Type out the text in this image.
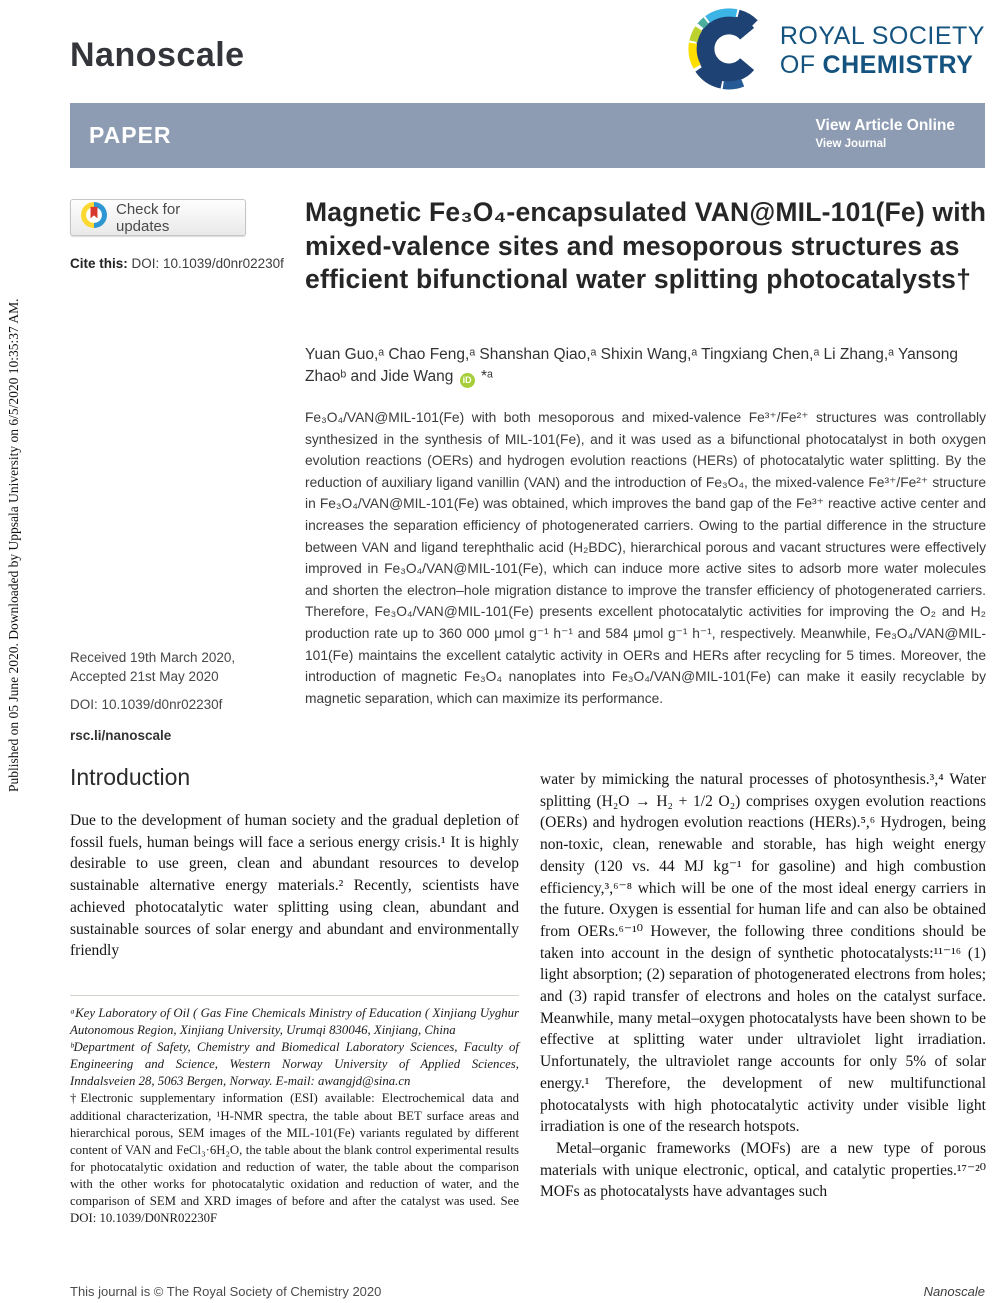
Published on 05 June 2020. Downloaded by Uppsala University on 6/5/2020 10:35:37 AM.
Nanoscale
ROYAL SOCIETY
OF CHEMISTRY
PAPER	View Article Online
View Journal
Check for updates
Cite this: DOI: 10.1039/d0nr02230f
Received 19th March 2020,
Accepted 21st May 2020
DOI: 10.1039/d0nr02230f
rsc.li/nanoscale
Magnetic Fe₃O₄-encapsulated VAN@MIL-101(Fe) with mixed-valence sites and mesoporous structures as efficient bifunctional water splitting photocatalysts†
Yuan Guo,ᵃ Chao Feng,ᵃ Shanshan Qiao,ᵃ Shixin Wang,ᵃ Tingxiang Chen,ᵃ Li Zhang,ᵃ Yansong Zhaoᵇ and Jide Wang iD *ᵃ
Fe₃O₄/VAN@MIL-101(Fe) with both mesoporous and mixed-valence Fe³⁺/Fe²⁺ structures was controllably synthesized in the synthesis of MIL-101(Fe), and it was used as a bifunctional photocatalyst in both oxygen evolution reactions (OERs) and hydrogen evolution reactions (HERs) of photocatalytic water splitting. By the reduction of auxiliary ligand vanillin (VAN) and the introduction of Fe₃O₄, the mixed-valence Fe³⁺/Fe²⁺ structure in Fe₃O₄/VAN@MIL-101(Fe) was obtained, which improves the band gap of the Fe³⁺ reactive active center and increases the separation efficiency of photogenerated carriers. Owing to the partial difference in the structure between VAN and ligand terephthalic acid (H₂BDC), hierarchical porous and vacant structures were effectively improved in Fe₃O₄/VAN@MIL-101(Fe), which can induce more active sites to adsorb more water molecules and shorten the electron–hole migration distance to improve the transfer efficiency of photogenerated carriers. Therefore, Fe₃O₄/VAN@MIL-101(Fe) presents excellent photocatalytic activities for improving the O₂ and H₂ production rate up to 360 000 μmol g⁻¹ h⁻¹ and 584 μmol g⁻¹ h⁻¹, respectively. Meanwhile, Fe₃O₄/VAN@MIL-101(Fe) maintains the excellent catalytic activity in OERs and HERs after recycling for 5 times. Moreover, the introduction of magnetic Fe₃O₄ nanoplates into Fe₃O₄/VAN@MIL-101(Fe) can make it easily recyclable by magnetic separation, which can maximize its performance.
Introduction

Due to the development of human society and the gradual depletion of fossil fuels, human beings will face a serious energy crisis.¹ It is highly desirable to use green, clean and abundant resources to develop sustainable alternative energy materials.² Recently, scientists have achieved photocatalytic water splitting using clean, abundant and sustainable sources of solar energy and abundant and environmentally friendly

water by mimicking the natural processes of photosynthesis.³,⁴ Water splitting (H₂O → H₂ + 1/2 O₂) comprises oxygen evolution reactions (OERs) and hydrogen evolution reactions (HERs).⁵,⁶ Hydrogen, being non-toxic, clean, renewable and storable, has high weight energy density (120 vs. 44 MJ kg⁻¹ for gasoline) and high combustion efficiency,³,⁶⁻⁸ which will be one of the most ideal energy carriers in the future. Oxygen is essential for human life and can also be obtained from OERs.⁶⁻¹⁰ However, the following three conditions should be taken into account in the design of synthetic photocatalysts:¹¹⁻¹⁶ (1) light absorption; (2) separation of photogenerated electrons from holes; and (3) rapid transfer of electrons and holes on the catalyst surface. Meanwhile, many metal–oxygen photocatalysts have been shown to be effective at splitting water under ultraviolet light irradiation. Unfortunately, the ultraviolet range accounts for only 5% of solar energy.¹ Therefore, the development of new multifunctional photocatalysts with high photocatalytic activity under visible light irradiation is one of the research hotspots.

Metal–organic frameworks (MOFs) are a new type of porous materials with unique electronic, optical, and catalytic properties.¹⁷⁻²⁰ MOFs as photocatalysts have advantages such

ᵃKey Laboratory of Oil ( Gas Fine Chemicals Ministry of Education ( Xinjiang Uyghur Autonomous Region, Xinjiang University, Urumqi 830046, Xinjiang, China

ᵇDepartment of Safety, Chemistry and Biomedical Laboratory Sciences, Faculty of Engineering and Science, Western Norway University of Applied Sciences, Inndalsveien 28, 5063 Bergen, Norway. E-mail: awangjd@sina.cn

†Electronic supplementary information (ESI) available: Electrochemical data and additional characterization, ¹H-NMR spectra, the table about BET surface areas and hierarchical porous, SEM images of the MIL-101(Fe) variants regulated by different content of VAN and FeCl₃·6H₂O, the table about the blank control experimental results for photocatalytic oxidation and reduction of water, the table about the comparison with the other works for photocatalytic oxidation and reduction of water, and the comparison of SEM and XRD images of before and after the catalyst was used. See DOI: 10.1039/D0NR02230F

This journal is © The Royal Society of Chemistry 2020	Nanoscale
